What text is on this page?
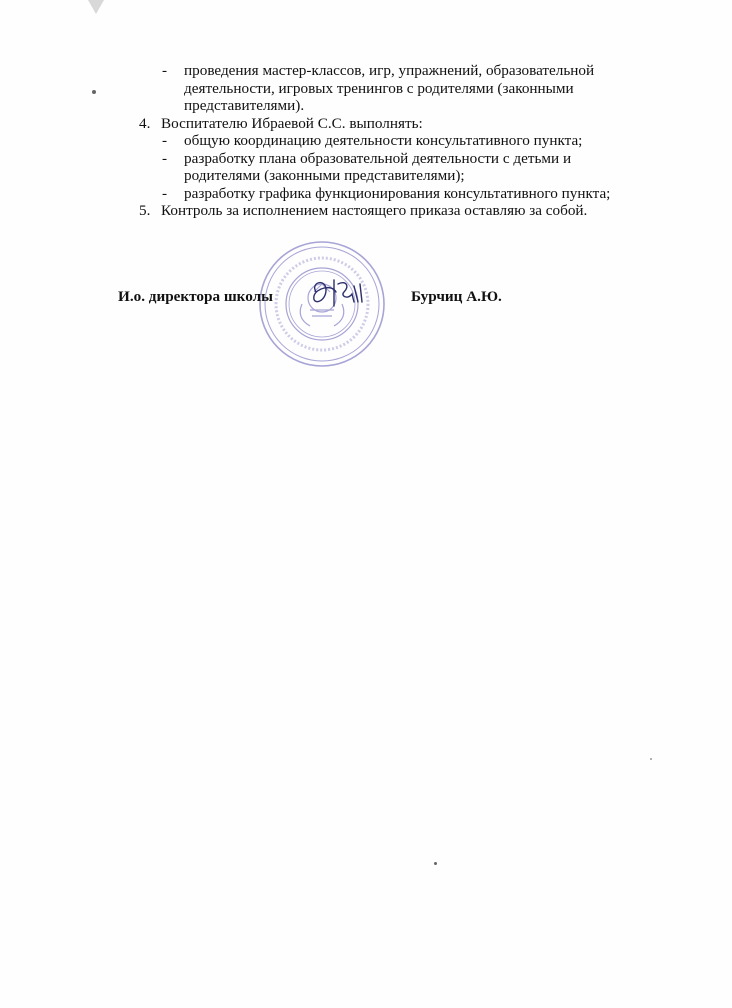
- проведения мастер-классов, игр, упражнений, образовательной
деятельности, игровых тренингов с родителями (законными
представителями).
4. Воспитателю Ибраевой С.С. выполнять:
- общую координацию деятельности консультативного пункта;
- разработку плана образовательной деятельности с детьми и
родителями (законными представителями);
- разработку графика функционирования консультативного пункта;
5. Контроль за исполнением настоящего приказа оставляю за собой.
И.о. директора школы	Бурчиц А.Ю.
